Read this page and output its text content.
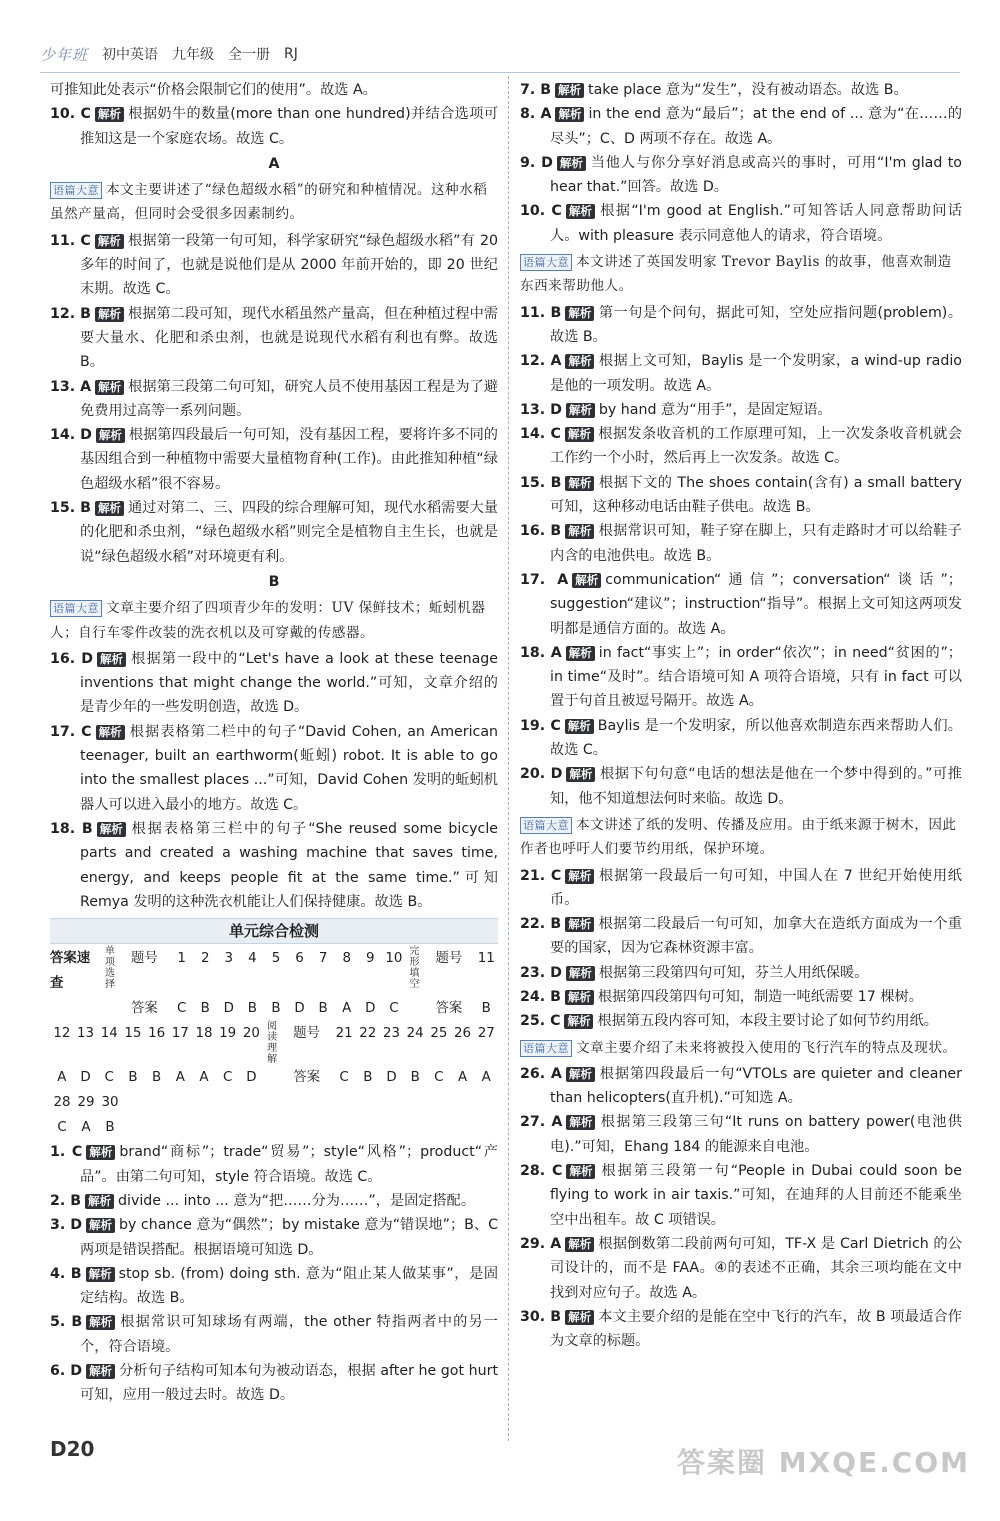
少年班 初中英语 九年级 全一册 RJ

可推知此处表示“价格会限制它们的使用”。故选 A。

10. C 解析 根据奶牛的数量(more than one hundred)并结合选项可推知这是一个家庭农场。故选 C。

A

语篇大意 本文主要讲述了“绿色超级水稻”的研究和种植情况。这种水稻虽然产量高，但同时会受很多因素制约。

11. C 解析 根据第一段第一句可知，科学家研究“绿色超级水稻”有 20 多年的时间了，也就是说他们是从 2000 年前开始的，即 20 世纪末期。故选 C。

12. B 解析 根据第二段可知，现代水稻虽然产量高，但在种植过程中需要大量水、化肥和杀虫剂，也就是说现代水稻有利也有弊。故选 B。

13. A 解析 根据第三段第二句可知，研究人员不使用基因工程是为了避免费用过高等一系列问题。

14. D 解析 根据第四段最后一句可知，没有基因工程，要将许多不同的基因组合到一种植物中需要大量植物育种(工作)。由此推知种植“绿色超级水稻”很不容易。

15. B 解析 通过对第二、三、四段的综合理解可知，现代水稻需要大量的化肥和杀虫剂，“绿色超级水稻”则完全是植物自主生长，也就是说“绿色超级水稻”对环境更有利。

B

语篇大意 文章主要介绍了四项青少年的发明：UV 保鲜技术；蚯蚓机器人；自行车零件改装的洗衣机以及可穿戴的传感器。

16. D 解析 根据第一段中的“Let's have a look at these teenage inventions that might change the world.”可知，文章介绍的是青少年的一些发明创造，故选 D。

17. C 解析 根据表格第二栏中的句子“David Cohen, an American teenager, built an earthworm(蚯蚓) robot. It is able to go into the smallest places ...”可知，David Cohen 发明的蚯蚓机器人可以进入最小的地方。故选 C。

18. B 解析 根据表格第三栏中的句子“She reused some bicycle parts and created a washing machine that saves time, energy, and keeps people fit at the same time.”可知 Remya 发明的这种洗衣机能让人们保持健康。故选 B。

单元综合检测
答案速查
单项选择
题号	1	2	3	4	5	6	7	8	9 10 完形填空
题号	11
答案	C	B	D	B	B	D	B	A	D	C	答案	B
12 13 14 15 16 17 18 19 20 阅读理解
题号	21 22 23 24 25 26 27
A	D	C	B	B	A	A	C	D	答案	C	B	D	B	C	A	A
28 29 30
C	A	B

1. C 解析 brand“商标”；trade“贸易”；style“风格”；product“产品”。由第二句可知，style 符合语境。故选 C。

2. B 解析 divide ... into ... 意为“把……分为……”，是固定搭配。

3. D 解析 by chance 意为“偶然”；by mistake 意为“错误地”；B、C 两项是错误搭配。根据语境可知选 D。

4. B 解析 stop sb. (from) doing sth. 意为“阻止某人做某事”，是固定结构。故选 B。

5. B 解析 根据常识可知球场有两端，the other 特指两者中的另一个，符合语境。

6. D 解析 分析句子结构可知本句为被动语态，根据 after he got hurt 可知，应用一般过去时。故选 D。

7. B 解析 take place 意为“发生”，没有被动语态。故选 B。

8. A 解析 in the end 意为“最后”；at the end of ... 意为“在……的尽头”；C、D 两项不存在。故选 A。

9. D 解析 当他人与你分享好消息或高兴的事时，可用“I'm glad to hear that.”回答。故选 D。

10. C 解析 根据“I'm good at English.”可知答话人同意帮助问话人。with pleasure 表示同意他人的请求，符合语境。

语篇大意 本文讲述了英国发明家 Trevor Baylis 的故事，他喜欢制造东西来帮助他人。

11. B 解析 第一句是个问句，据此可知，空处应指问题(problem)。故选 B。

12. A 解析 根据上文可知，Baylis 是一个发明家，a wind-up radio 是他的一项发明。故选 A。

13. D 解析 by hand 意为“用手”，是固定短语。

14. C 解析 根据发条收音机的工作原理可知，上一次发条收音机就会工作约一个小时，然后再上一次发条。故选 C。

15. B 解析 根据下文的 The shoes contain(含有) a small battery 可知，这种移动电话由鞋子供电。故选 B。

16. B 解析 根据常识可知，鞋子穿在脚上，只有走路时才可以给鞋子内含的电池供电。故选 B。

17. A 解析 communication“通信”；conversation“谈话”；suggestion“建议”；instruction“指导”。根据上文可知这两项发明都是通信方面的。故选 A。

18. A 解析 in fact“事实上”；in order“依次”；in need“贫困的”；in time“及时”。结合语境可知 A 项符合语境，只有 in fact 可以置于句首且被逗号隔开。故选 A。

19. C 解析 Baylis 是一个发明家，所以他喜欢制造东西来帮助人们。故选 C。

20. D 解析 根据下句句意“电话的想法是他在一个梦中得到的。”可推知，他不知道想法何时来临。故选 D。

语篇大意 本文讲述了纸的发明、传播及应用。由于纸来源于树木，因此作者也呼吁人们要节约用纸，保护环境。

21. C 解析 根据第一段最后一句可知，中国人在 7 世纪开始使用纸币。

22. B 解析 根据第二段最后一句可知，加拿大在造纸方面成为一个重要的国家，因为它森林资源丰富。

23. D 解析 根据第三段第四句可知，芬兰人用纸保暖。

24. B 解析 根据第四段第四句可知，制造一吨纸需要 17 棵树。

25. C 解析 根据第五段内容可知，本段主要讨论了如何节约用纸。

语篇大意 文章主要介绍了未来将被投入使用的飞行汽车的特点及现状。

26. A 解析 根据第四段最后一句“VTOLs are quieter and cleaner than helicopters(直升机).”可知选 A。

27. A 解析 根据第三段第三句“It runs on battery power(电池供电).”可知，Ehang 184 的能源来自电池。

28. C 解析 根据第三段第一句“People in Dubai could soon be flying to work in air taxis.”可知，在迪拜的人目前还不能乘坐空中出租车。故 C 项错误。

29. A 解析 根据倒数第二段前两句可知，TF-X 是 Carl Dietrich 的公司设计的，而不是 FAA。④的表述不正确，其余三项均能在文中找到对应句子。故选 A。

30. B 解析 本文主要介绍的是能在空中飞行的汽车，故 B 项最适合作为文章的标题。

D20	答案圈 MXQE.COM
